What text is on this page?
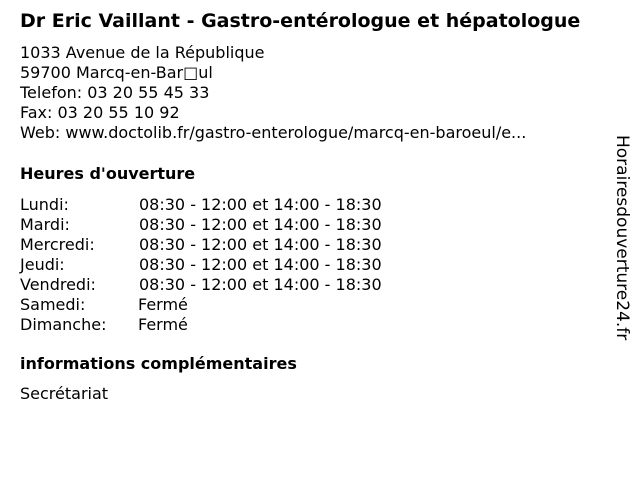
Dr Eric Vaillant - Gastro-entérologue et hépatologue
1033 Avenue de la République
59700 Marcq-en-Bar□ul
Telefon: 03 20 55 45 33
Fax: 03 20 55 10 92
Web: www.doctolib.fr/gastro-enterologue/marcq-en-baroeul/e...
Heures d'ouverture
Lundi:	08:30 - 12:00 et 14:00 - 18:30
Mardi:	08:30 - 12:00 et 14:00 - 18:30
Mercredi:	08:30 - 12:00 et 14:00 - 18:30
Jeudi:	08:30 - 12:00 et 14:00 - 18:30
Vendredi:	08:30 - 12:00 et 14:00 - 18:30
Samedi:	Fermé
Dimanche: Fermé
informations complémentaires
Secrétariat
Horairesdouverture24.fr
